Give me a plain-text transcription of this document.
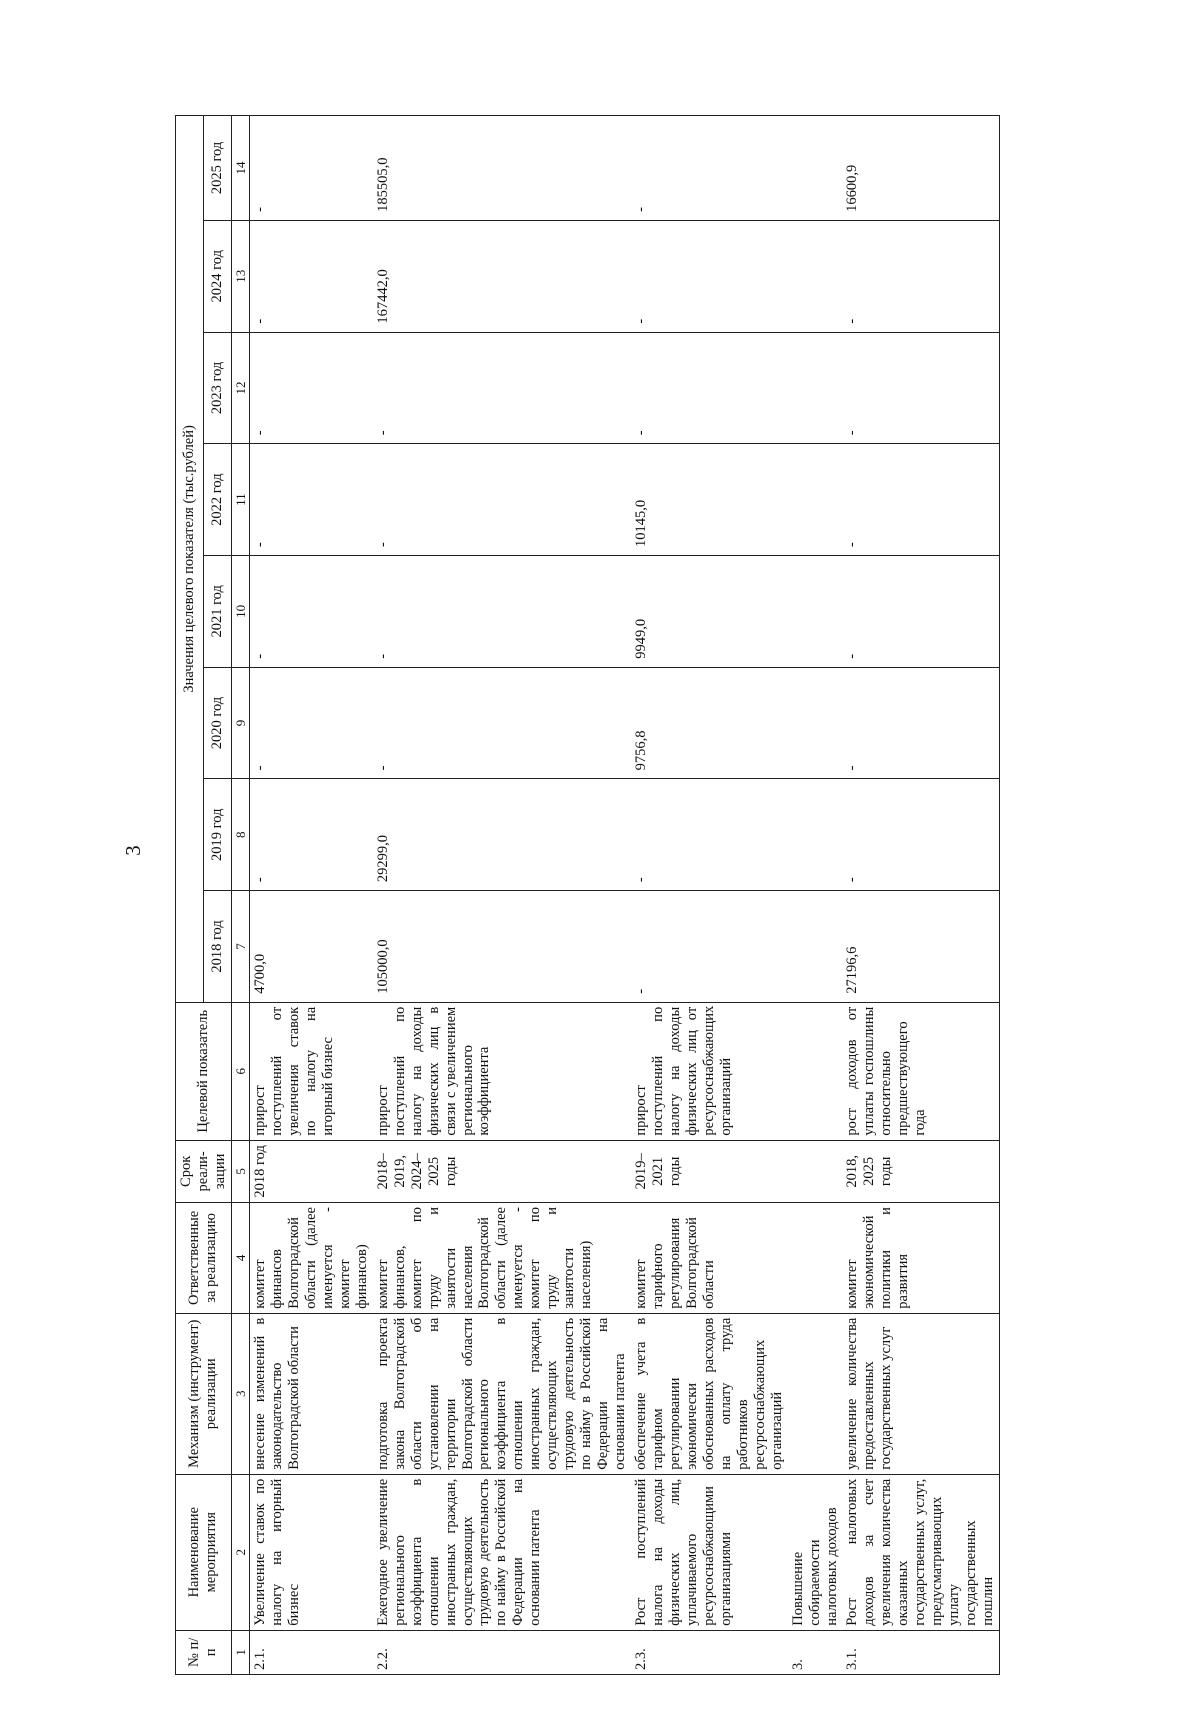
3
№ п/п	Наименование мероприятия	Механизм (инструмент) реализации	Ответственные за реализацию	Срок реали-зации	Целевой показатель	Значения целевого показателя (тыс.рублей)							
						2018 год	2019 год	2020 год	2021 год	2022 год	2023 год	2024 год	2025 год
1	2	3	4	5	6	7	8	9	10	11	12	13	14
2.1.	Увеличение ставок по налогу на игорный бизнес	внесение изменений в законодательство Волгоградской области	комитет финансов Волгоградской области (далее именуется - комитет финансов)	2018 год	прирост поступлений от увеличения ставок по налогу на игорный бизнес	4700,0	-	-	-	-	-	-	-
2.2.	Ежегодное увеличение регионального коэффициента в отношении иностранных граждан, осуществляющих трудовую деятельность по найму в Российской Федерации на основании патента	подготовка проекта закона Волгоградской области об установлении на территории Волгоградской области регионального коэффициента в отношении иностранных граждан, осуществляющих трудовую деятельность по найму в Российской Федерации на основании патента	комитет финансов, комитет по труду и занятости населения Волгоградской области (далее именуется - комитет по труду и занятости населения)	2018–2019, 2024–2025 годы	прирост поступлений по налогу на доходы физических лиц в связи с увеличением регионального коэффициента	105000,0	29299,0	-	-	-	-	167442,0	185505,0
2.3.	Рост поступлений налога на доходы физических лиц, уплачиваемого ресурсоснабжающими организациями	обеспечение учета в тарифном регулировании экономически обоснованных расходов на оплату труда работников ресурсоснабжающих организаций	комитет тарифного регулирования Волгоградской области	2019–2021 годы	прирост поступлений по налогу на доходы физических лиц от ресурсоснабжающих организаций	-	-	9756,8	9949,0	10145,0	-	-	-
3.	Повышение собираемости налоговых доходов												
3.1.	Рост налоговых доходов за счет увеличения количества оказанных государственных услуг, предусматривающих уплату государственных пошлин	увеличение количества предоставленных государственных услуг	комитет экономической политики и развития	2018, 2025 годы	рост доходов от уплаты госпошлины относительно предшествующего года	27196,6	-	-	-	-	-	-	16600,9
